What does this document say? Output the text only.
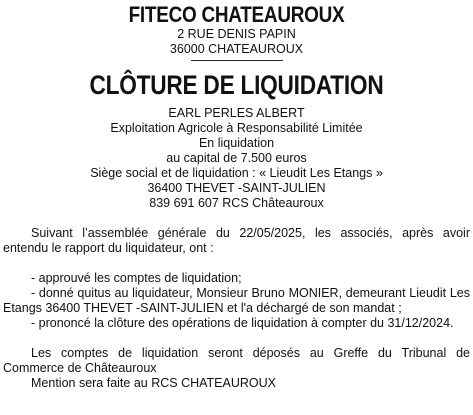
FITECO CHATEAUROUX
2 RUE DENIS PAPIN
36000 CHATEAUROUX
CLÔTURE DE LIQUIDATION
EARL PERLES ALBERT
Exploitation Agricole à Responsabilité Limitée
En liquidation
au capital de 7.500 euros
Siège social et de liquidation : « Lieudit Les Etangs »
36400 THEVET -SAINT-JULIEN
839 691 607 RCS Châteauroux

Suivant l’assemblée générale du 22/05/2025, les associés, après avoir entendu le rapport du liquidateur, ont :

- approuvé les comptes de liquidation;

- donné quitus au liquidateur, Monsieur Bruno MONIER, demeurant Lieudit Les Etangs 36400 THEVET -SAINT-JULIEN et l'a déchargé de son mandat ;

- prononcé la clôture des opérations de liquidation à compter du 31/12/2024.

Les comptes de liquidation seront déposés au Greffe du Tribunal de Commerce de Châteauroux

Mention sera faite au RCS CHATEAUROUX
